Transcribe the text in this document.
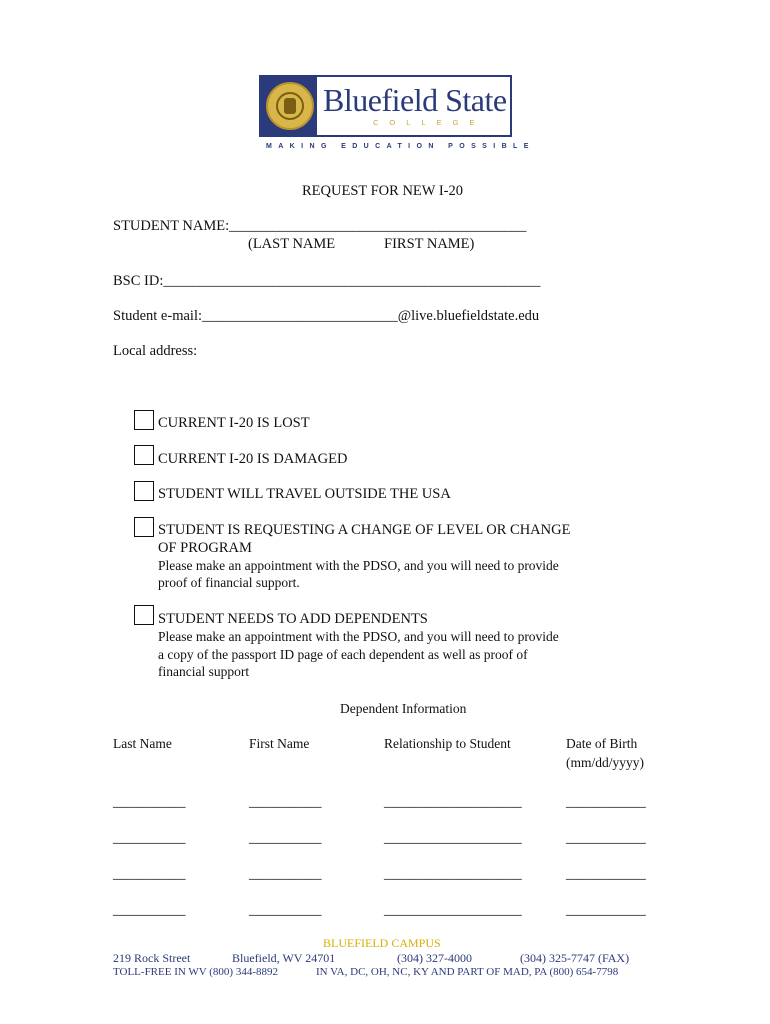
Bluefield State
COLLEGE
MAKING EDUCATION POSSIBLE
REQUEST FOR NEW I-20
STUDENT NAME:_________________________________________
(LAST NAME	FIRST NAME)
BSC ID:____________________________________________________
Student e-mail:___________________________@live.bluefieldstate.edu
Local address:
CURRENT I-20 IS LOST
CURRENT I-20 IS DAMAGED
STUDENT WILL TRAVEL OUTSIDE THE USA
STUDENT IS REQUESTING A CHANGE OF LEVEL OR CHANGE
OF PROGRAM
Please make an appointment with the PDSO, and you will need to provide
proof of financial support.
STUDENT NEEDS TO ADD DEPENDENTS
Please make an appointment with the PDSO, and you will need to provide
a copy of the passport ID page of each dependent as well as proof of
financial support
Dependent Information
Last Name	First Name	Relationship to Student	Date of Birth
(mm/dd/yyyy)
__________	__________	___________________	___________
__________	__________	___________________	___________
__________	__________	___________________	___________
__________	__________	___________________	___________
BLUEFIELD CAMPUS
219 Rock Street	Bluefield, WV 24701	(304) 327-4000	(304) 325-7747 (FAX)
TOLL-FREE IN WV (800) 344-8892	IN VA, DC, OH, NC, KY AND PART OF MAD, PA (800) 654-7798
